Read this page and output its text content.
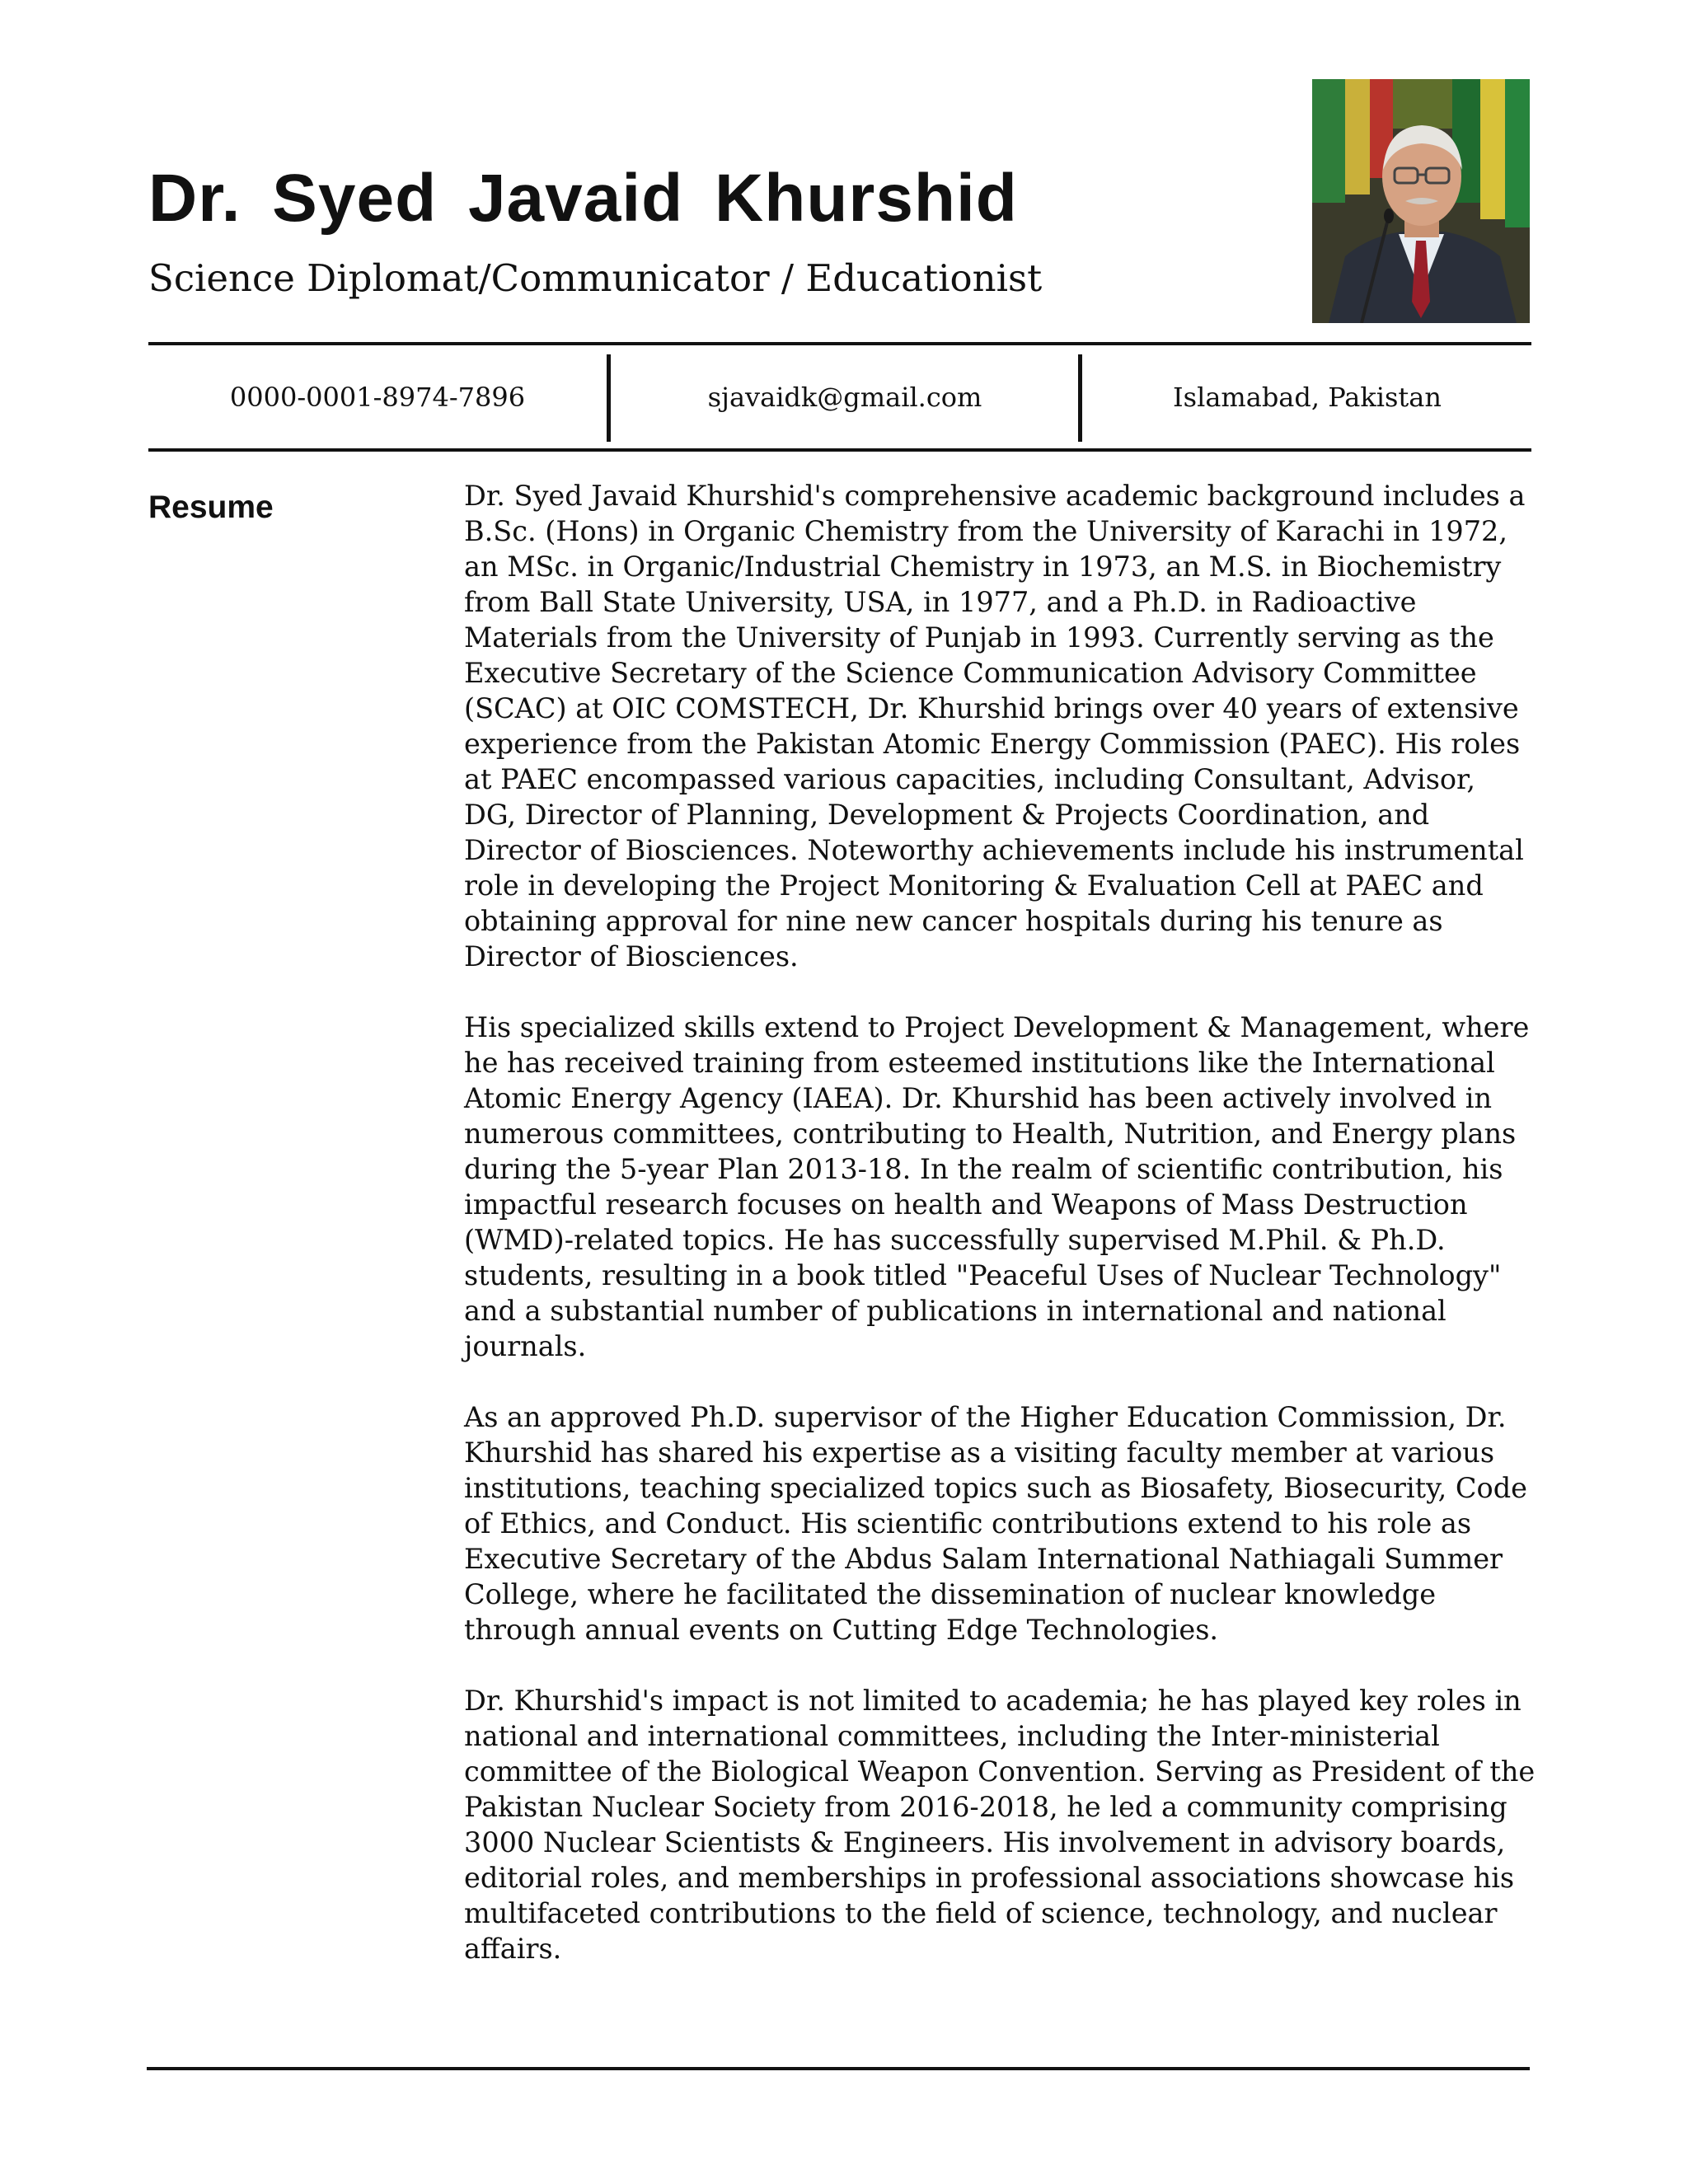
Dr. Syed Javaid Khurshid
Science Diplomat/Communicator / Educationist
0000-0001-8974-7896	sjavaidk@gmail.com	Islamabad, Pakistan
Resume	Dr. Syed Javaid Khurshid's comprehensive academic background includes a B.Sc. (Hons) in Organic Chemistry from the University of Karachi in 1972, an MSc. in Organic/Industrial Chemistry in 1973, an M.S. in Biochemistry from Ball State University, USA, in 1977, and a Ph.D. in Radioactive Materials from the University of Punjab in 1993. Currently serving as the Executive Secretary of the Science Communication Advisory Committee (SCAC) at OIC COMSTECH, Dr. Khurshid brings over 40 years of extensive experience from the Pakistan Atomic Energy Commission (PAEC). His roles at PAEC encompassed various capacities, including Consultant, Advisor, DG, Director of Planning, Development & Projects Coordination, and Director of Biosciences. Noteworthy achievements include his instrumental role in developing the Project Monitoring & Evaluation Cell at PAEC and obtaining approval for nine new cancer hospitals during his tenure as Director of Biosciences.

His specialized skills extend to Project Development & Management, where he has received training from esteemed institutions like the International Atomic Energy Agency (IAEA). Dr. Khurshid has been actively involved in numerous committees, contributing to Health, Nutrition, and Energy plans during the 5-year Plan 2013-18. In the realm of scientific contribution, his impactful research focuses on health and Weapons of Mass Destruction (WMD)-related topics. He has successfully supervised M.Phil. & Ph.D. students, resulting in a book titled "Peaceful Uses of Nuclear Technology" and a substantial number of publications in international and national journals.

As an approved Ph.D. supervisor of the Higher Education Commission, Dr. Khurshid has shared his expertise as a visiting faculty member at various institutions, teaching specialized topics such as Biosafety, Biosecurity, Code of Ethics, and Conduct. His scientific contributions extend to his role as Executive Secretary of the Abdus Salam International Nathiagali Summer College, where he facilitated the dissemination of nuclear knowledge through annual events on Cutting Edge Technologies.

Dr. Khurshid's impact is not limited to academia; he has played key roles in national and international committees, including the Inter-ministerial committee of the Biological Weapon Convention. Serving as President of the Pakistan Nuclear Society from 2016-2018, he led a community comprising 3000 Nuclear Scientists & Engineers. His involvement in advisory boards, editorial roles, and memberships in professional associations showcase his multifaceted contributions to the field of science, technology, and nuclear affairs.
